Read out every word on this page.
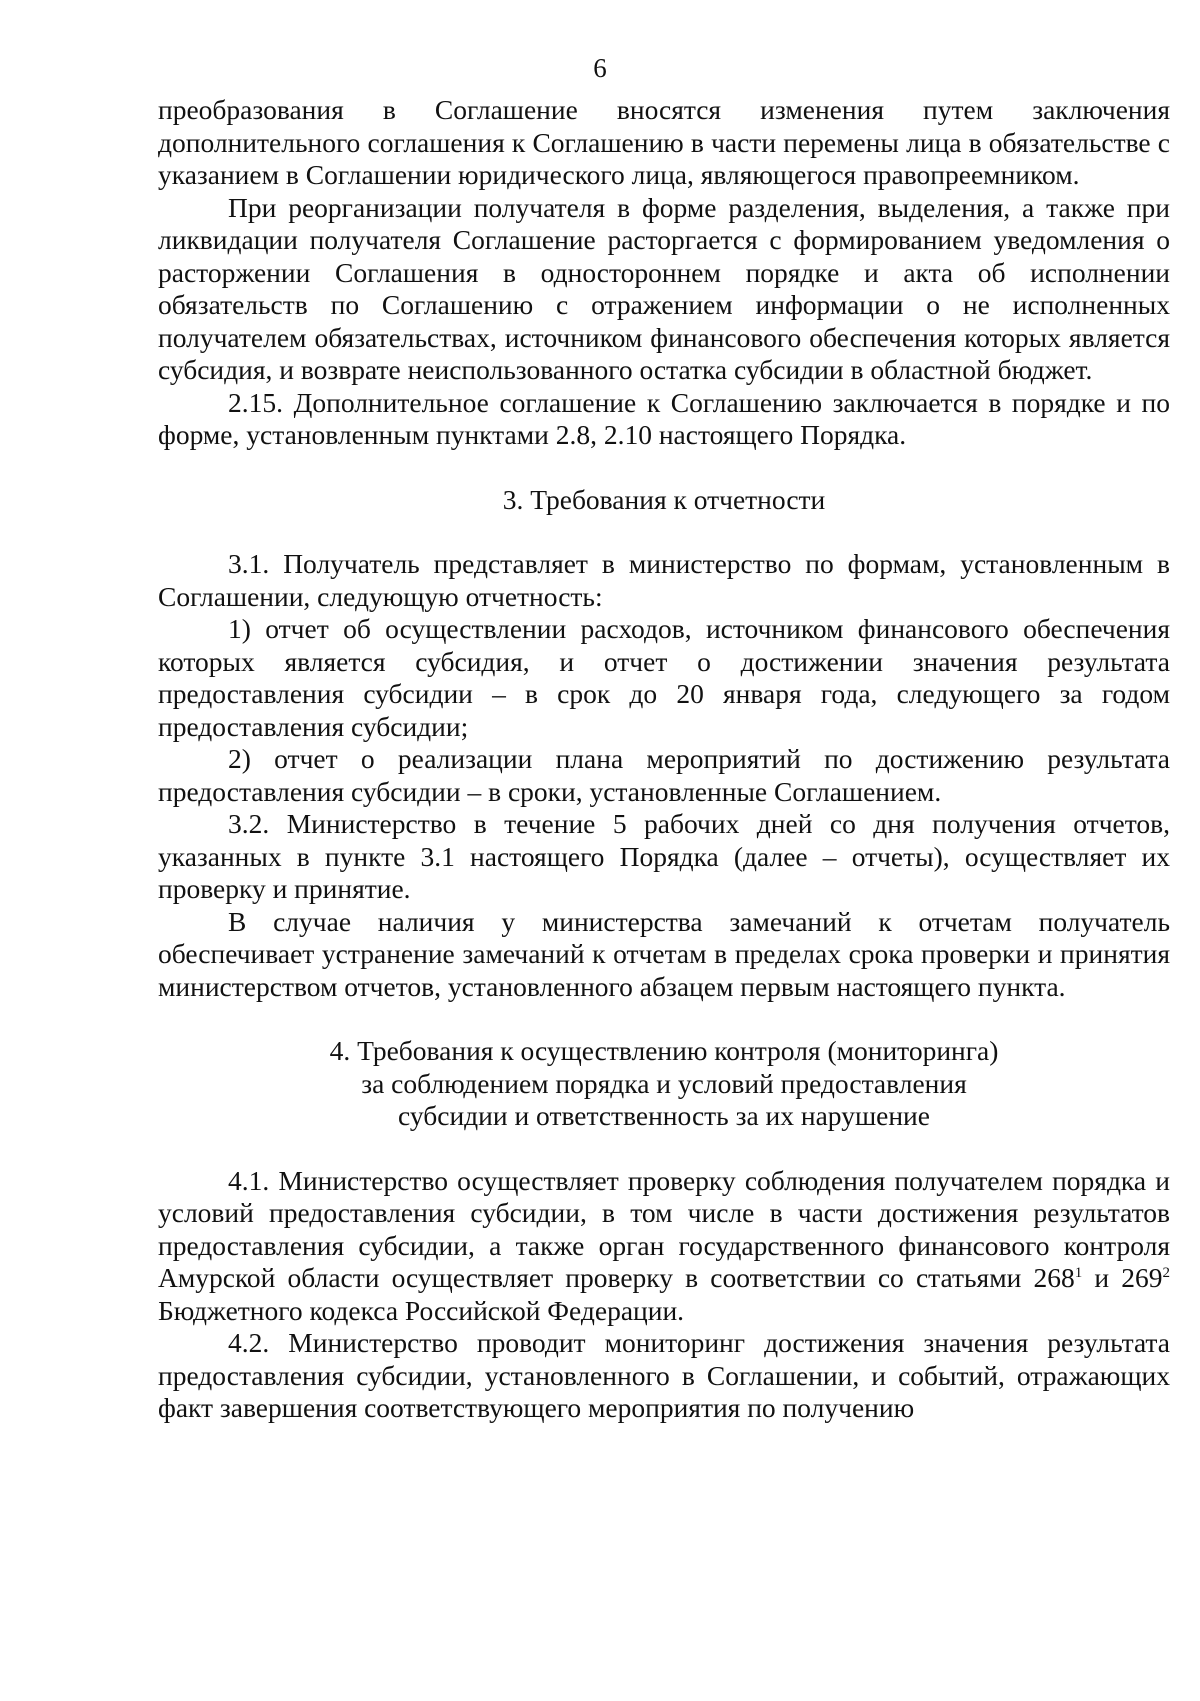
6

преобразования в Соглашение вносятся изменения путем заключения дополнительного соглашения к Соглашению в части перемены лица в обязательстве с указанием в Соглашении юридического лица, являющегося правопреемником.

При реорганизации получателя в форме разделения, выделения, а также при ликвидации получателя Соглашение расторгается с формированием уведомления о расторжении Соглашения в одностороннем порядке и акта об исполнении обязательств по Соглашению с отражением информации о не исполненных получателем обязательствах, источником финансового обеспечения которых является субсидия, и возврате неиспользованного остатка субсидии в областной бюджет.

2.15. Дополнительное соглашение к Соглашению заключается в порядке и по форме, установленным пунктами 2.8, 2.10 настоящего Порядка.

3. Требования к отчетности

3.1. Получатель представляет в министерство по формам, установленным в Соглашении, следующую отчетность:

1) отчет об осуществлении расходов, источником финансового обеспечения которых является субсидия, и отчет о достижении значения результата предоставления субсидии – в срок до 20 января года, следующего за годом предоставления субсидии;

2) отчет о реализации плана мероприятий по достижению результата предоставления субсидии – в сроки, установленные Соглашением.

3.2. Министерство в течение 5 рабочих дней со дня получения отчетов, указанных в пункте 3.1 настоящего Порядка (далее – отчеты), осуществляет их проверку и принятие.

В случае наличия у министерства замечаний к отчетам получатель обеспечивает устранение замечаний к отчетам в пределах срока проверки и принятия министерством отчетов, установленного абзацем первым настоящего пункта.

4. Требования к осуществлению контроля (мониторинга)
за соблюдением порядка и условий предоставления
субсидии и ответственность за их нарушение

4.1. Министерство осуществляет проверку соблюдения получателем порядка и условий предоставления субсидии, в том числе в части достижения результатов предоставления субсидии, а также орган государственного финансового контроля Амурской области осуществляет проверку в соответствии со статьями $268^1$ и $269^2$ Бюджетного кодекса Российской Федерации.

4.2. Министерство проводит мониторинг достижения значения результата предоставления субсидии, установленного в Соглашении, и событий, отражающих факт завершения соответствующего мероприятия по получению
